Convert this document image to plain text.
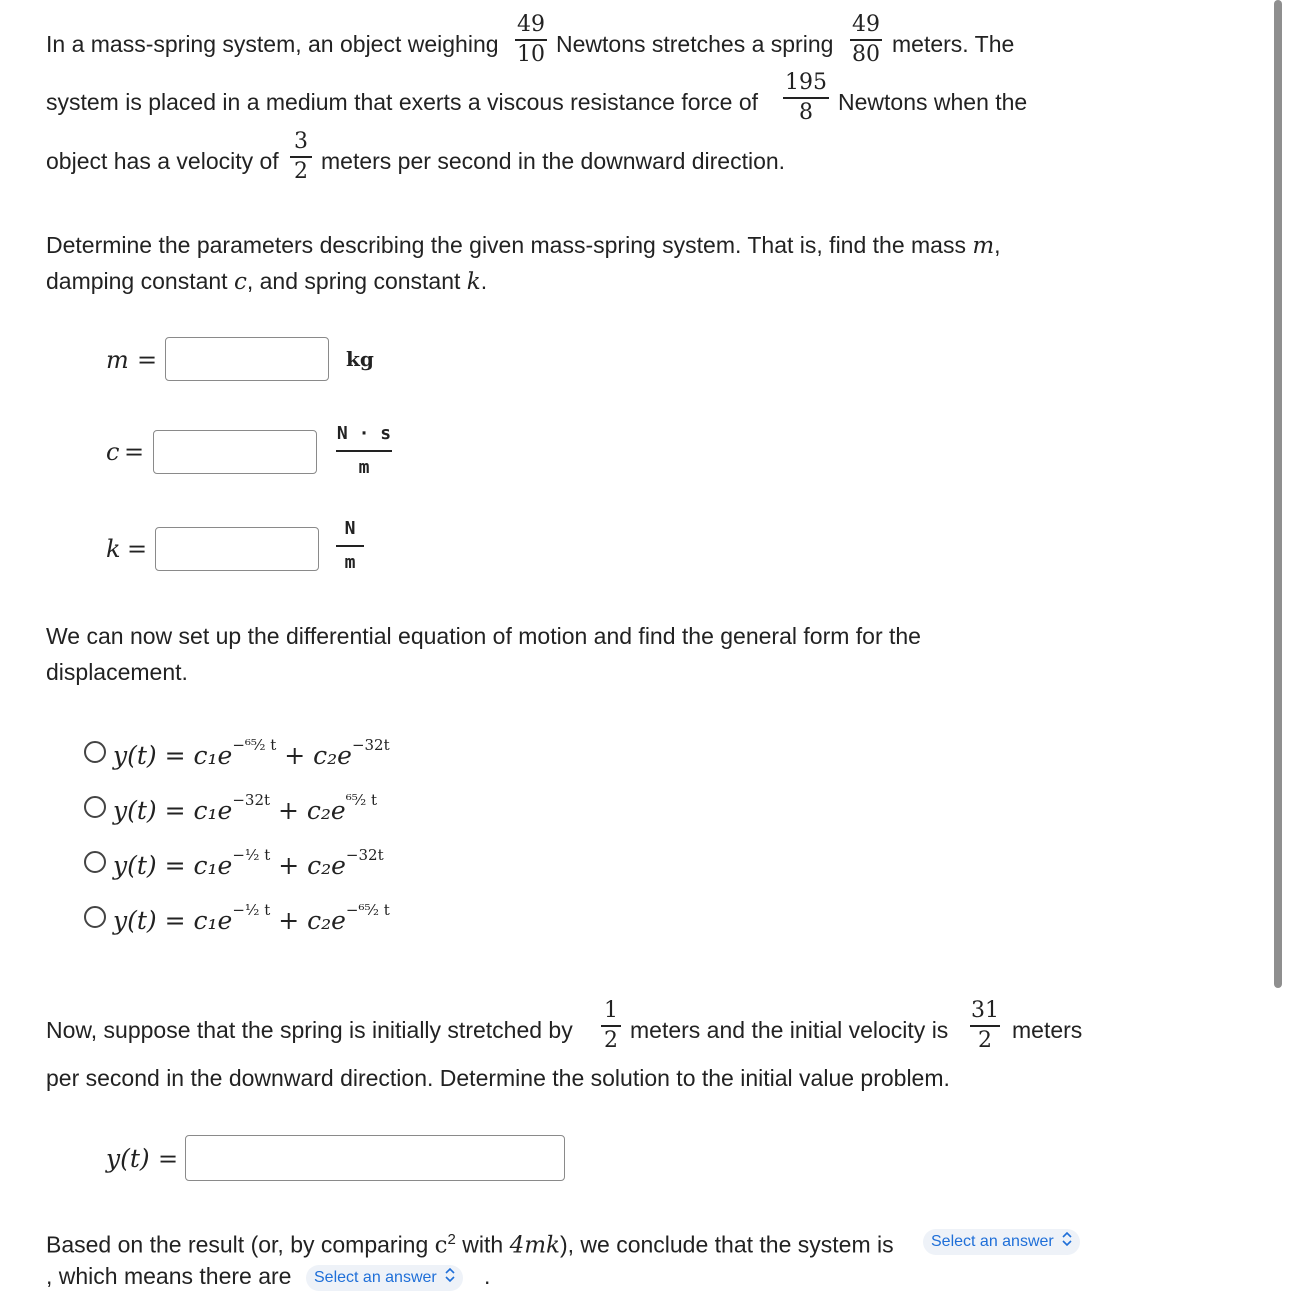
In a mass-spring system, an object weighing
49
10 Newtons stretches a spring
49
80 meters. The
system is placed in a medium that exerts a viscous resistance force of
195
8 Newtons when the
object has a velocity of
3
2 meters per second in the downward direction.
Determine the parameters describing the given mass-spring system. That is, find the mass m,
damping constant c, and spring constant k.
m =	kg
c =
N · s
m
k =
N
m
We can now set up the differential equation of motion and find the general form for the
displacement.
$y(t) = c_1e^{-^{65}⁄_2 t} + c_2e^{-32t}$
$y(t) = c_1e^{-32t} + c_2e^{^{65}⁄_2 t}$
$y(t) = c_1e^{-^1⁄_2 t} + c_2e^{-32t}$
$y(t) = c_1e^{-^1⁄_2 t} + c_2e^{-^{65}⁄_2 t}$
Now, suppose that the spring is initially stretched by
1
2 meters and the initial velocity is
31
2 meters
per second in the downward direction. Determine the solution to the initial value problem.
y(t) =
Based on the result (or, by comparing $c^2$ with 4mk), we conclude that the system is	Select an answer
, which means there are	Select an answer	.
